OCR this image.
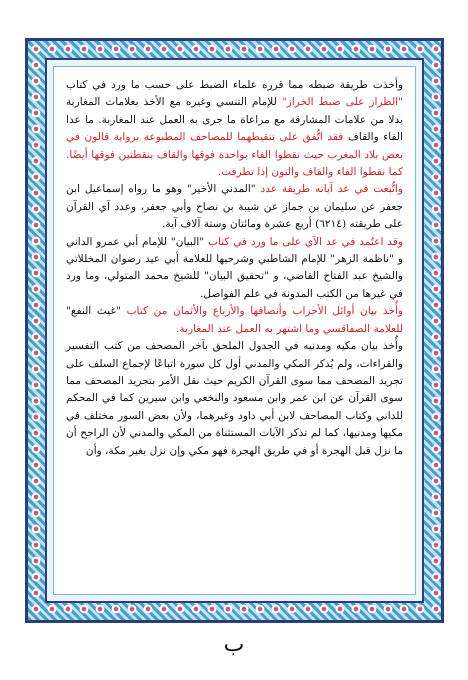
وأخذت طريقة ضبطه مما قرره علماء الضبط على حسب ما ورد في كتاب "الطراز على ضبط الخراز" للإمام التنسي وغيره مع الأخذ بعلامات المغاربة بدلا من علامات المشارقة مع مراعاة ما جرى به العمل عند المغاربة. ما عدا الفاء والقاف فقد اتُّفق على تنقيطهما للمصاحف المطبوعة برواية قالون في بعض بلاد المغرب حيث نقطوا الفاء بواحدة فوقها والقاف بنقطتين فوقها أيضًا. كما نقطوا الفاء والقاف والنون إذا تطرفت.

واتُّبعت في عد آياته طريقة عدد "المدني الأخير" وهو ما رواه إسماعيل ابن جعفر عن سليمان بن جماز عن شيبة بن نصاح وأبي جعفر، وعدد آي القرآن على طريقته (٦٢١٤) أربع عشرة ومائتان وستة آلاف آية.

وقد اعتُمد في عد الآي على ما ورد في كتاب "البيان" للإمام أبي عمرو الداني و "ناظمة الزهر" للإمام الشاطبي وشرحيها للعلامة أبي عيد رضوان المخللاتي والشيخ عبد الفتاح القاضي، و "تحقيق البيان" للشيخ محمد المتولي، وما ورد في غيرها من الكتب المدونة في علم الفواصل.

وأُخذ بيان أوائل الأحزاب وأنصافها والأرباع والأثمان من كتاب "غيث النفع" للعلامة الصفاقسي وما اشتهر به العمل عند المغاربة.

وأُخذ بيان مكيه ومدنيه في الجدول الملحق بآخر المصحف من كتب التفسير والقراءات، ولم يُذكر المكي والمدني أول كل سورة اتباعًا لإجماع السلف على تجريد المصحف مما سوى القرآن الكريم حيث نقل الأمر بتجريد المصحف مما سوى القرآن عن ابن عمر وابن مسعود والنخعي وابن سيرين كما في المحكم للداني وكتاب المصاحف لابن أبي داود وغيرهما، ولأن بعض السور مختلف في مكيها ومدنيها، كما لم تذكر الآيات المستثناة من المكي والمدني لأن الراجح أن ما نزل قبل الهجرة أو في طريق الهجرة فهو مكي وإن نزل بغير مكة، وأن

ب
